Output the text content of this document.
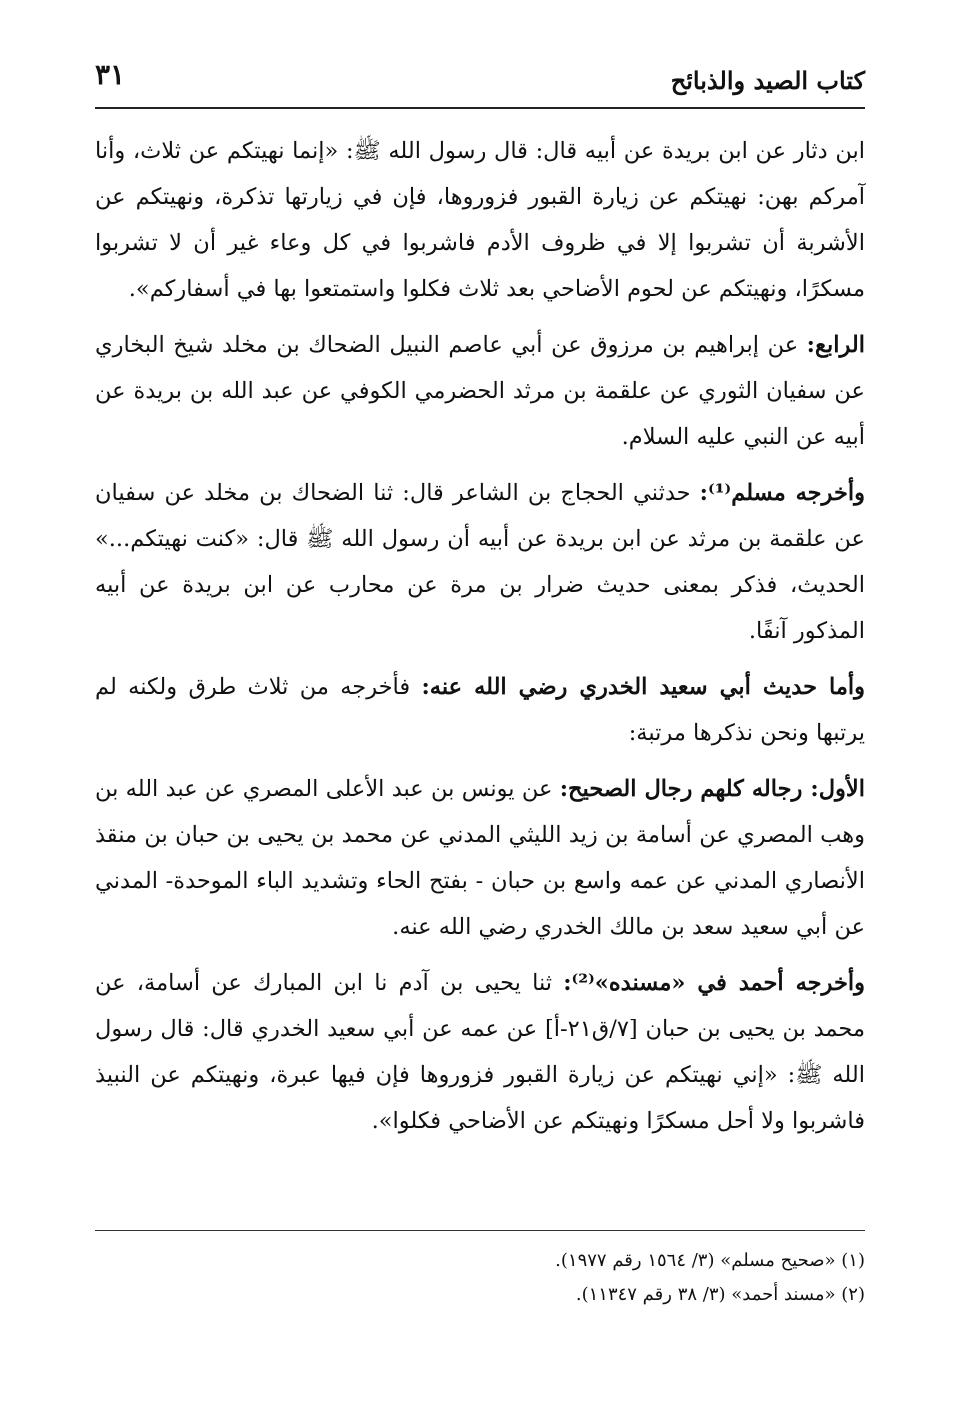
كتاب الصيد والذبائح
٣١

ابن دثار عن ابن بريدة عن أبيه قال: قال رسول الله ﷺ: «إنما نهيتكم عن ثلاث، وأنا آمركم بهن: نهيتكم عن زيارة القبور فزوروها، فإن في زيارتها تذكرة، ونهيتكم عن الأشربة أن تشربوا إلا في ظروف الأدم فاشربوا في كل وعاء غير أن لا تشربوا مسكرًا، ونهيتكم عن لحوم الأضاحي بعد ثلاث فكلوا واستمتعوا بها في أسفاركم».

الرابع: عن إبراهيم بن مرزوق عن أبي عاصم النبيل الضحاك بن مخلد شيخ البخاري عن سفيان الثوري عن علقمة بن مرثد الحضرمي الكوفي عن عبد الله بن بريدة عن أبيه عن النبي عليه السلام.

وأخرجه مسلم⁽¹⁾: حدثني الحجاج بن الشاعر قال: ثنا الضحاك بن مخلد عن سفيان عن علقمة بن مرثد عن ابن بريدة عن أبيه أن رسول الله ﷺ قال: «كنت نهيتكم...» الحديث، فذكر بمعنى حديث ضرار بن مرة عن محارب عن ابن بريدة عن أبيه المذكور آنفًا.

وأما حديث أبي سعيد الخدري رضي الله عنه: فأخرجه من ثلاث طرق ولكنه لم يرتبها ونحن نذكرها مرتبة:

الأول: رجاله كلهم رجال الصحيح: عن يونس بن عبد الأعلى المصري عن عبد الله بن وهب المصري عن أسامة بن زيد الليثي المدني عن محمد بن يحيى بن حبان بن منقذ الأنصاري المدني عن عمه واسع بن حبان - بفتح الحاء وتشديد الباء الموحدة- المدني عن أبي سعيد سعد بن مالك الخدري رضي الله عنه.

وأخرجه أحمد في «مسنده»⁽²⁾: ثنا يحيى بن آدم نا ابن المبارك عن أسامة، عن محمد بن يحيى بن حبان [٧/ق٢١-أ] عن عمه عن أبي سعيد الخدري قال: قال رسول الله ﷺ: «إني نهيتكم عن زيارة القبور فزوروها فإن فيها عبرة، ونهيتكم عن النبيذ فاشربوا ولا أحل مسكرًا ونهيتكم عن الأضاحي فكلوا».

(١) «صحيح مسلم» (٣/ ١٥٦٤ رقم ١٩٧٧).

(٢) «مسند أحمد» (٣/ ٣٨ رقم ١١٣٤٧).
